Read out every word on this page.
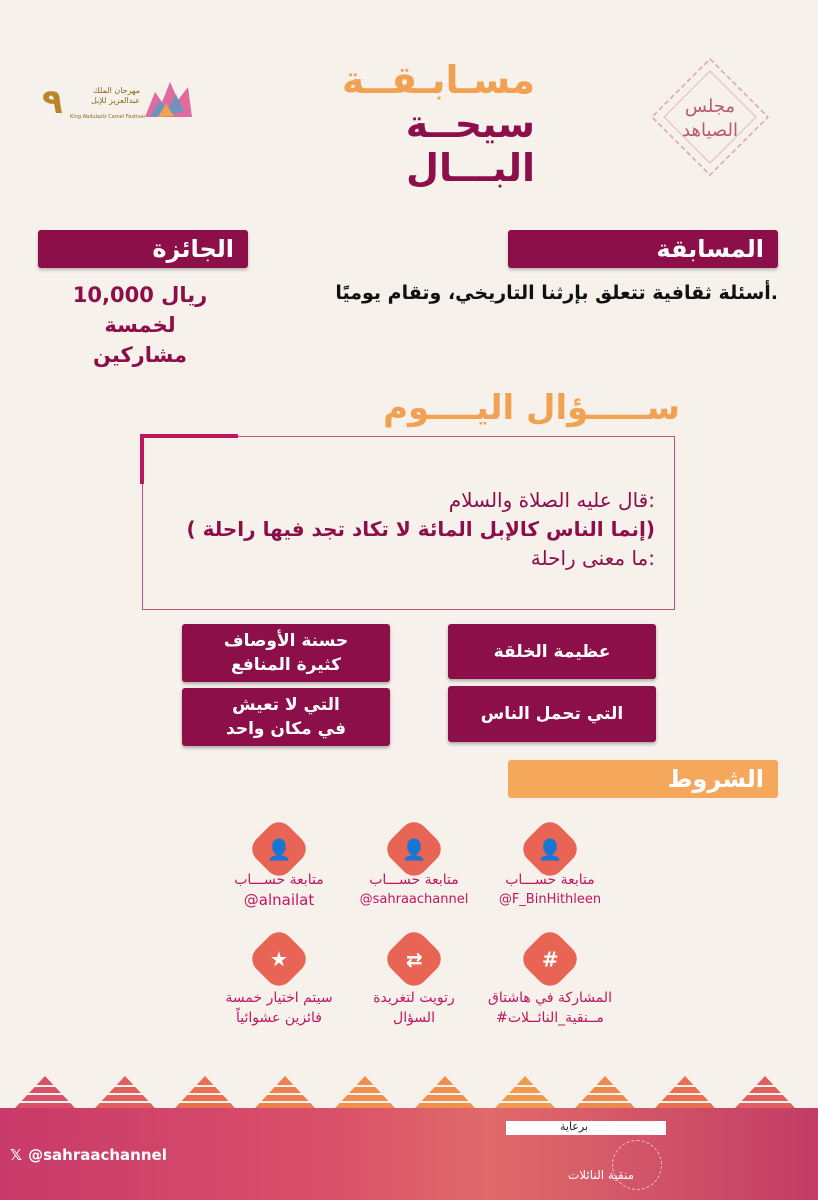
٩	مهرجان الملك عبدالعزيز للإبل
King Abdulaziz Camel Festival
مسـابـقــة
سيحــة البـــال
مجلس الصياهد
المسابقة
أسئلة ثقافية تتعلق بإرثنا التاريخي، وتقام يوميًا.
الجائزة
10,000 ريال
لخمسة مشاركين
ســـــؤال اليــــوم
قال عليه الصلاة والسلام:
( إنما الناس كالإبل المائة لا تكاد تجد فيها راحلة)
ما معنى راحلة:
عظيمة الخلقة
حسنة الأوصاف كثيرة المنافع
التي تحمل الناس
التي لا تعيش في مكان واحد
الشروط
👤
متابعة حســـاب
@F_BinHithleen
👤
متابعة حســـاب
@sahraachannel
👤
متابعة حســـاب
@alnailat
#
المشاركة في هاشتاق
#مــنقية_النائــلات
⇄
رتويت لتغريدة
السؤال
★
سيتم اختيار خمسة
فائزين عشوائياً
𝕏 @sahraachannel
برعاية
منقية النائلات
